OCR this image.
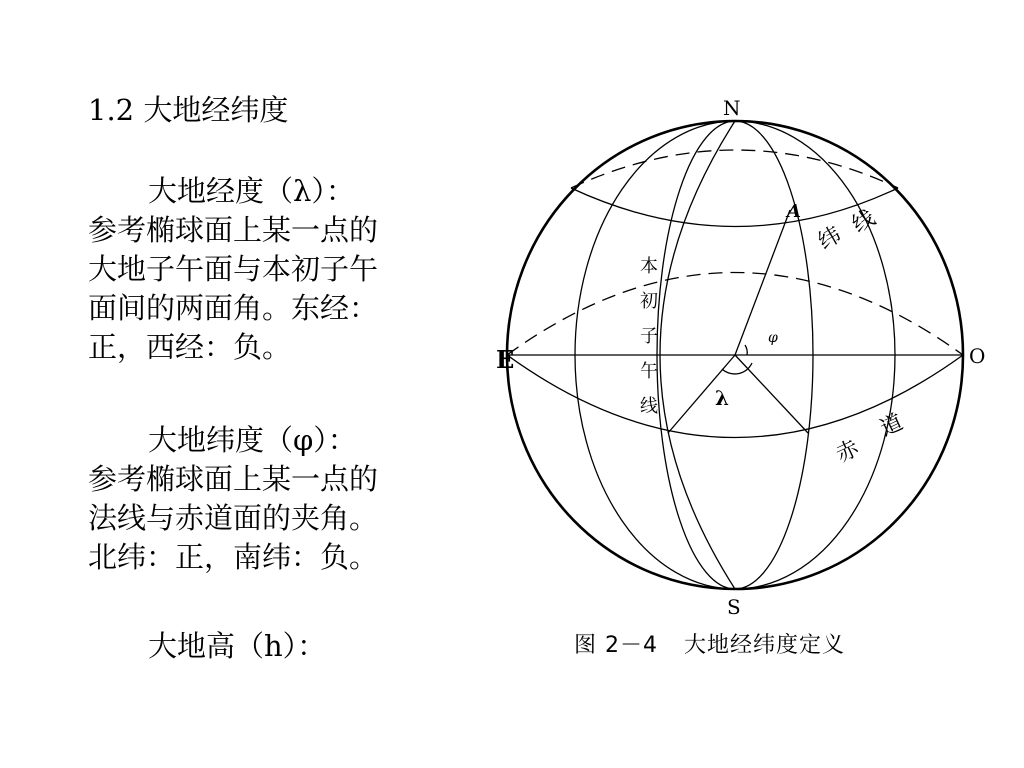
1.2 大地经纬度
大地经度（λ）：
参考椭球面上某一点的
大地子午面与本初子午
面间的两面角。东经：
正，西经：负。
大地纬度（φ）：
参考椭球面上某一点的
法线与赤道面的夹角。
北纬：正，南纬：负。
大地高（h）：
N
S
E	O
A
φ
λ
纬
线
赤
道
本
初
子
午
线
图 2－4 大地经纬度定义
